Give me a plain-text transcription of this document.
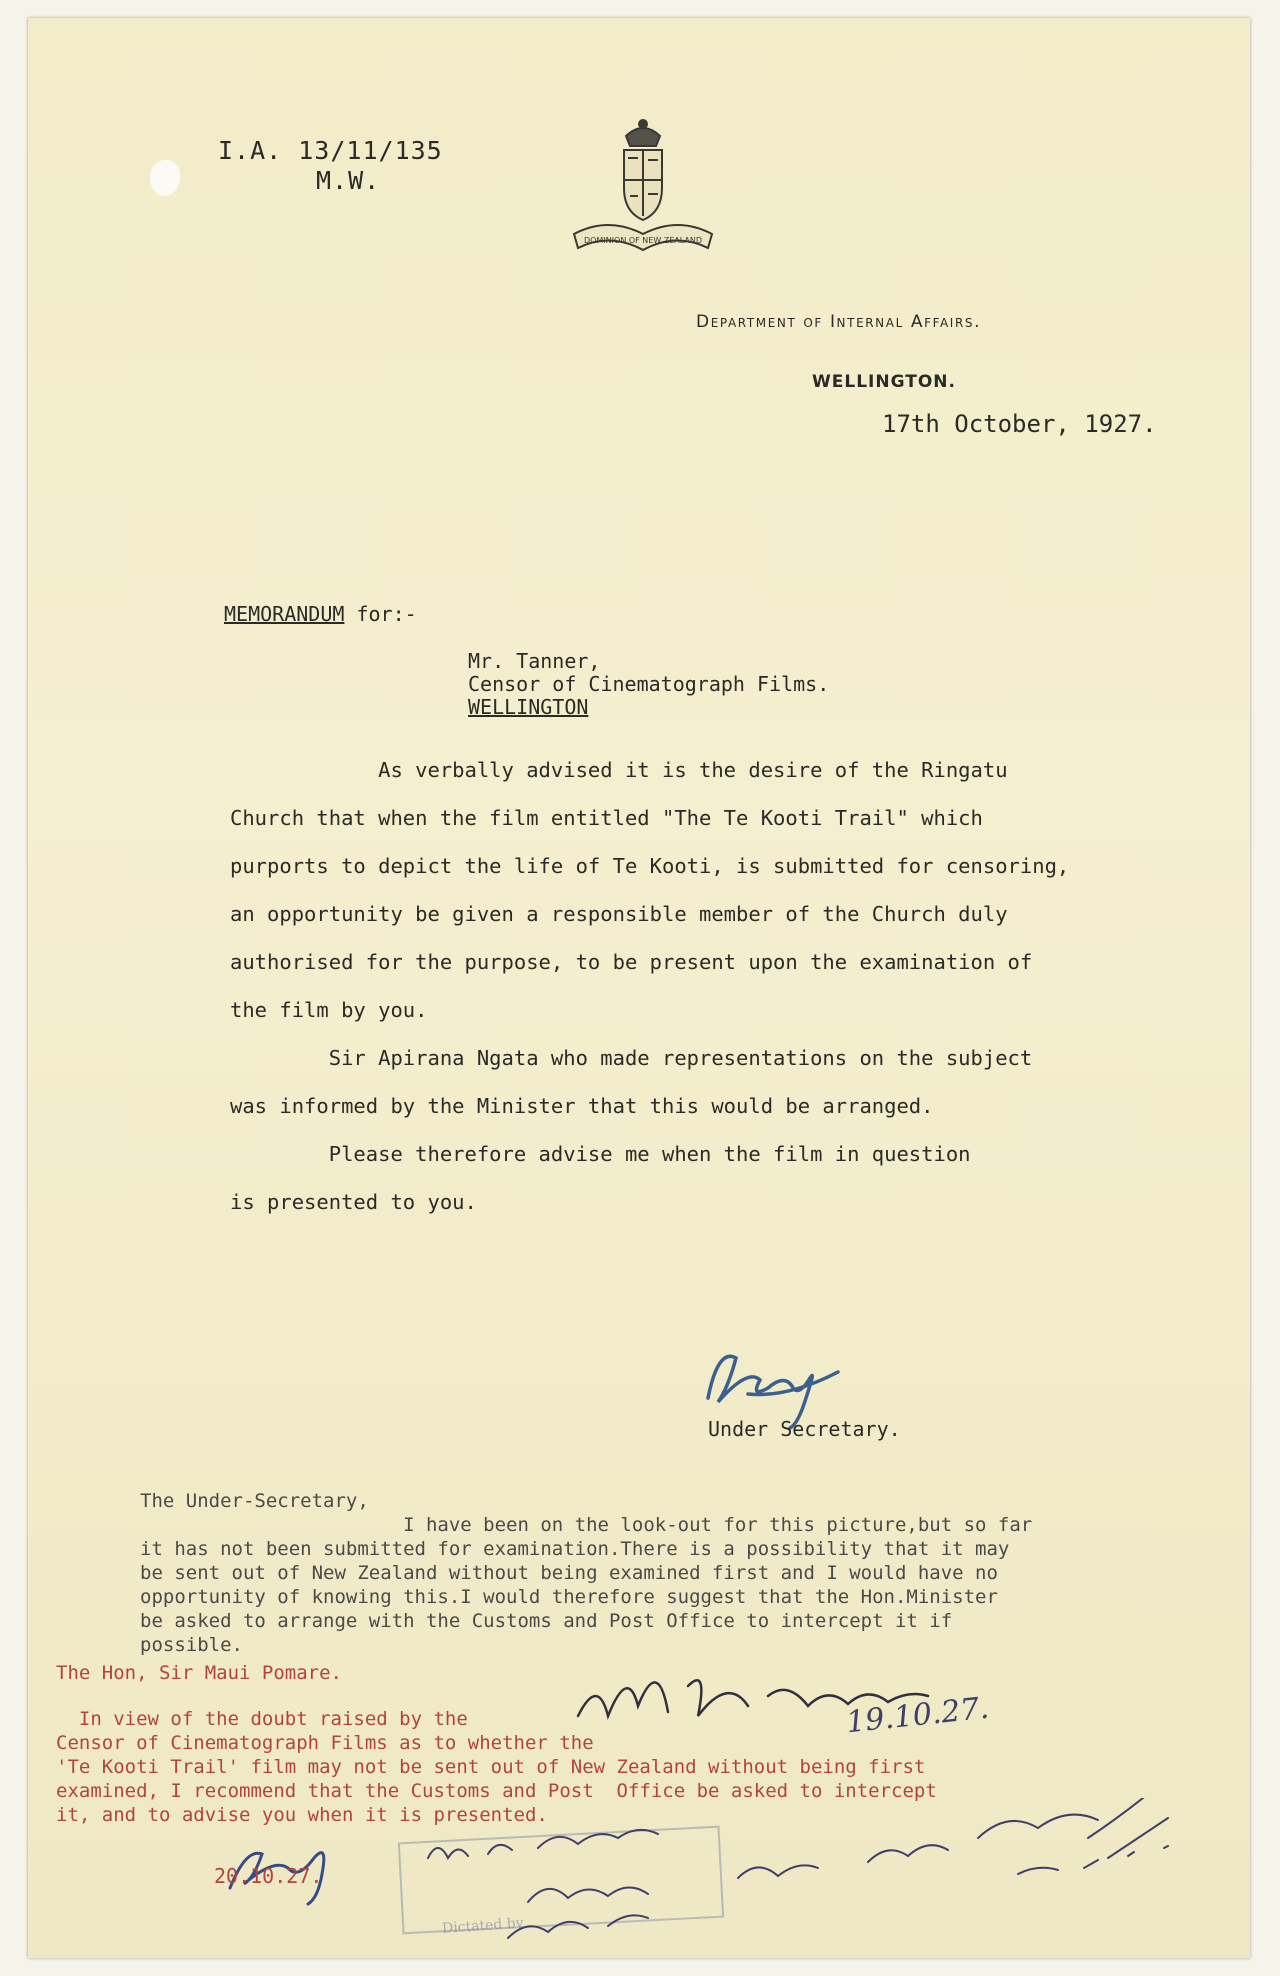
I.A. 13/11/135
M.W.
DOMINION OF NEW ZEALAND
Department of Internal Affairs.
WELLINGTON.
17th October, 1927.
MEMORANDUM for:-
Mr. Tanner,
Censor of Cinematograph Films.
WELLINGTON
As verbally advised it is the desire of the Ringatu
Church that when the film entitled "The Te Kooti Trail" which
purports to depict the life of Te Kooti, is submitted for censoring,
an opportunity be given a responsible member of the Church duly
authorised for the purpose, to be present upon the examination of
the film by you.
Sir Apirana Ngata who made representations on the subject
was informed by the Minister that this would be arranged.
Please therefore advise me when the film in question
is presented to you.
Under Secretary.
The Under-Secretary,
I have been on the look-out for this picture,but so far
it has not been submitted for examination.There is a possibility that it may
be sent out of New Zealand without being examined first and I would have no
opportunity of knowing this.I would therefore suggest that the Hon.Minister
be asked to arrange with the Customs and Post Office to intercept it if
possible.
The Hon, Sir Maui Pomare.
19.10.27.
In view of the doubt raised by the
Censor of Cinematograph Films as to whether the
'Te Kooti Trail' film may not be sent out of New Zealand without being first
examined, I recommend that the Customs and Post  Office be asked to intercept
it, and to advise you when it is presented.
20.10.27.
Dictated by
